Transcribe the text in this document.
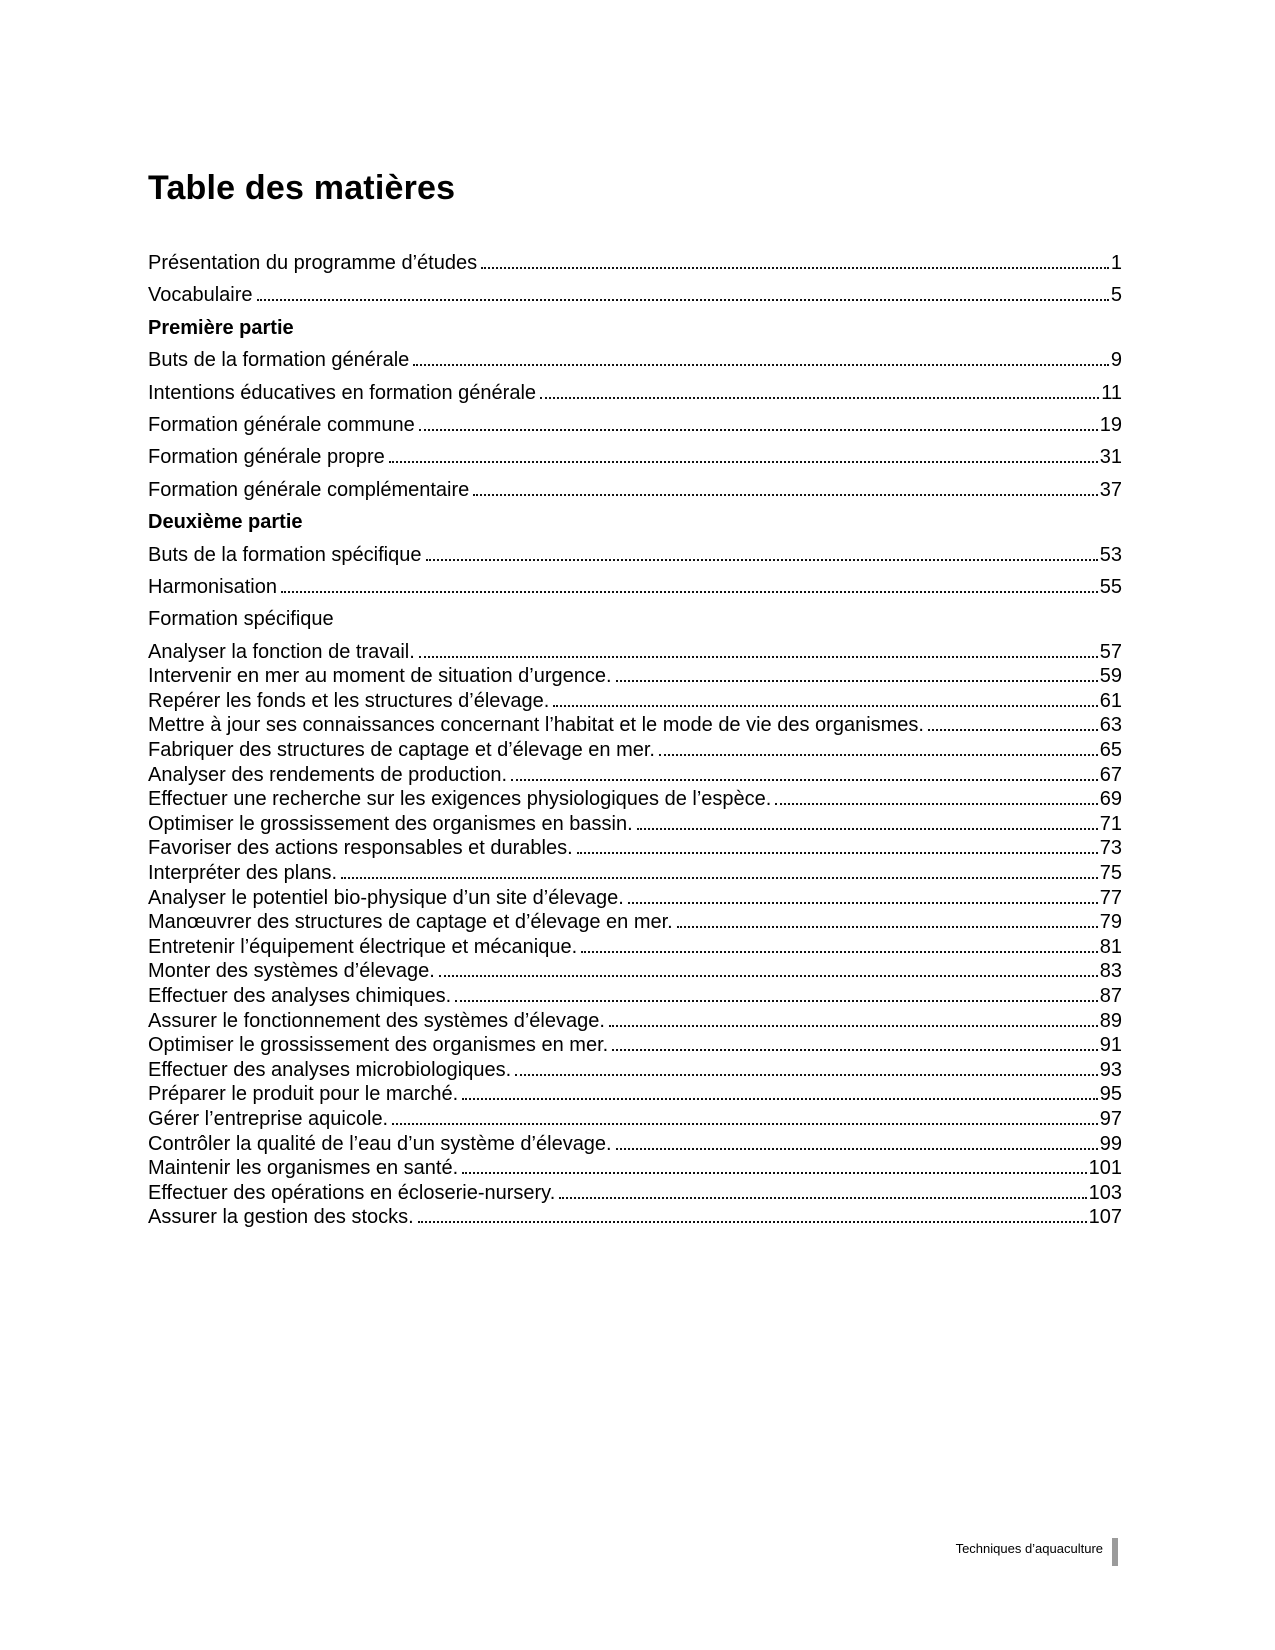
Table des matières
Présentation du programme d’études	1
Vocabulaire	5
Première partie
Buts de la formation générale	9
Intentions éducatives en formation générale	11
Formation générale commune	19
Formation générale propre	31
Formation générale complémentaire	37
Deuxième partie
Buts de la formation spécifique	53
Harmonisation	55
Formation spécifique
Analyser la fonction de travail.	57
Intervenir en mer au moment de situation d’urgence.	59
Repérer les fonds et les structures d’élevage.	61
Mettre à jour ses connaissances concernant l’habitat et le mode de vie des organismes.	63
Fabriquer des structures de captage et d’élevage en mer.	65
Analyser des rendements de production.	67
Effectuer une recherche sur les exigences physiologiques de l’espèce.	69
Optimiser le grossissement des organismes en bassin.	71
Favoriser des actions responsables et durables.	73
Interpréter des plans.	75
Analyser le potentiel bio-physique d’un site d’élevage.	77
Manœuvrer des structures de captage et d’élevage en mer.	79
Entretenir l’équipement électrique et mécanique.	81
Monter des systèmes d’élevage.	83
Effectuer des analyses chimiques.	87
Assurer le fonctionnement des systèmes d’élevage.	89
Optimiser le grossissement des organismes en mer.	91
Effectuer des analyses microbiologiques.	93
Préparer le produit pour le marché.	95
Gérer l’entreprise aquicole.	97
Contrôler la qualité de l’eau d’un système d’élevage.	99
Maintenir les organismes en santé.	101
Effectuer des opérations en écloserie-nursery.	103
Assurer la gestion des stocks.	107
Techniques d’aquaculture
